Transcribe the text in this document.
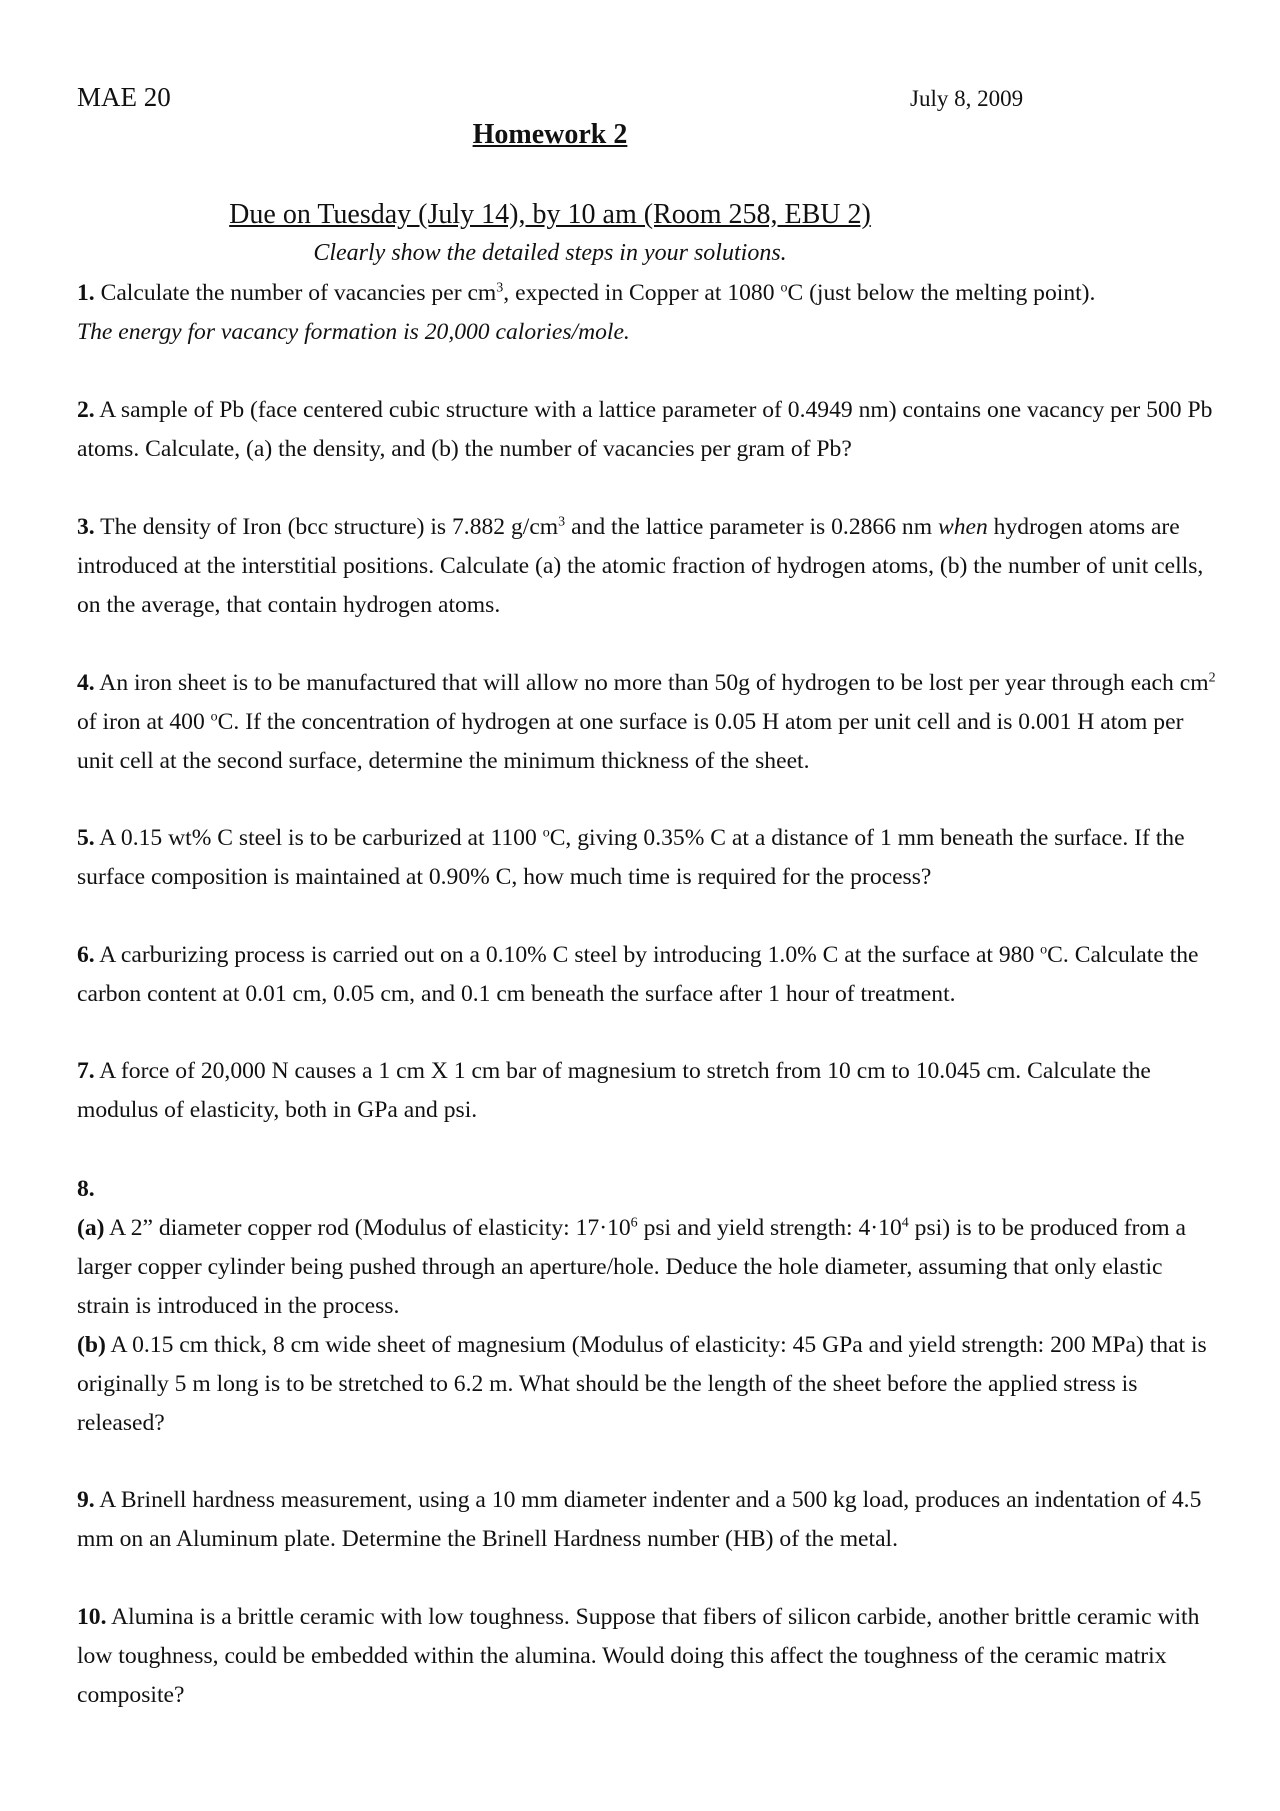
MAE 20	July 8, 2009
Homework 2
Due on Tuesday (July 14), by 10 am (Room 258, EBU 2)
Clearly show the detailed steps in your solutions.

1. Calculate the number of vacancies per $cm^3$, expected in Copper at 1080 $^o$C (just below the melting point).

The energy for vacancy formation is 20,000 calories/mole.

2. A sample of Pb (face centered cubic structure with a lattice parameter of 0.4949 nm) contains one vacancy per 500 Pb atoms. Calculate, (a) the density, and (b) the number of vacancies per gram of Pb?

3. The density of Iron (bcc structure) is 7.882 $g/cm^3$ and the lattice parameter is 0.2866 nm when hydrogen atoms are introduced at the interstitial positions. Calculate (a) the atomic fraction of hydrogen atoms, (b) the number of unit cells, on the average, that contain hydrogen atoms.

4. An iron sheet is to be manufactured that will allow no more than 50g of hydrogen to be lost per year through each $cm^2$ of iron at 400 $^o$C. If the concentration of hydrogen at one surface is 0.05 H atom per unit cell and is 0.001 H atom per unit cell at the second surface, determine the minimum thickness of the sheet.

5. A 0.15 wt% C steel is to be carburized at 1100 $^o$C, giving 0.35% C at a distance of 1 mm beneath the surface. If the surface composition is maintained at 0.90% C, how much time is required for the process?

6. A carburizing process is carried out on a 0.10% C steel by introducing 1.0% C at the surface at 980 $^o$C. Calculate the carbon content at 0.01 cm, 0.05 cm, and 0.1 cm beneath the surface after 1 hour of treatment.

7. A force of 20,000 N causes a 1 cm X 1 cm bar of magnesium to stretch from 10 cm to 10.045 cm. Calculate the modulus of elasticity, both in GPa and psi.

8.

(a) A 2” diameter copper rod (Modulus of elasticity: $17\cdot 10^6$ psi and yield strength: $4\cdot 10^4$ psi) is to be produced from a larger copper cylinder being pushed through an aperture/hole. Deduce the hole diameter, assuming that only elastic strain is introduced in the process.

(b) A 0.15 cm thick, 8 cm wide sheet of magnesium (Modulus of elasticity: 45 GPa and yield strength: 200 MPa) that is originally 5 m long is to be stretched to 6.2 m. What should be the length of the sheet before the applied stress is released?

9. A Brinell hardness measurement, using a 10 mm diameter indenter and a 500 kg load, produces an indentation of 4.5 mm on an Aluminum plate. Determine the Brinell Hardness number (HB) of the metal.

10. Alumina is a brittle ceramic with low toughness. Suppose that fibers of silicon carbide, another brittle ceramic with low toughness, could be embedded within the alumina. Would doing this affect the toughness of the ceramic matrix composite?
